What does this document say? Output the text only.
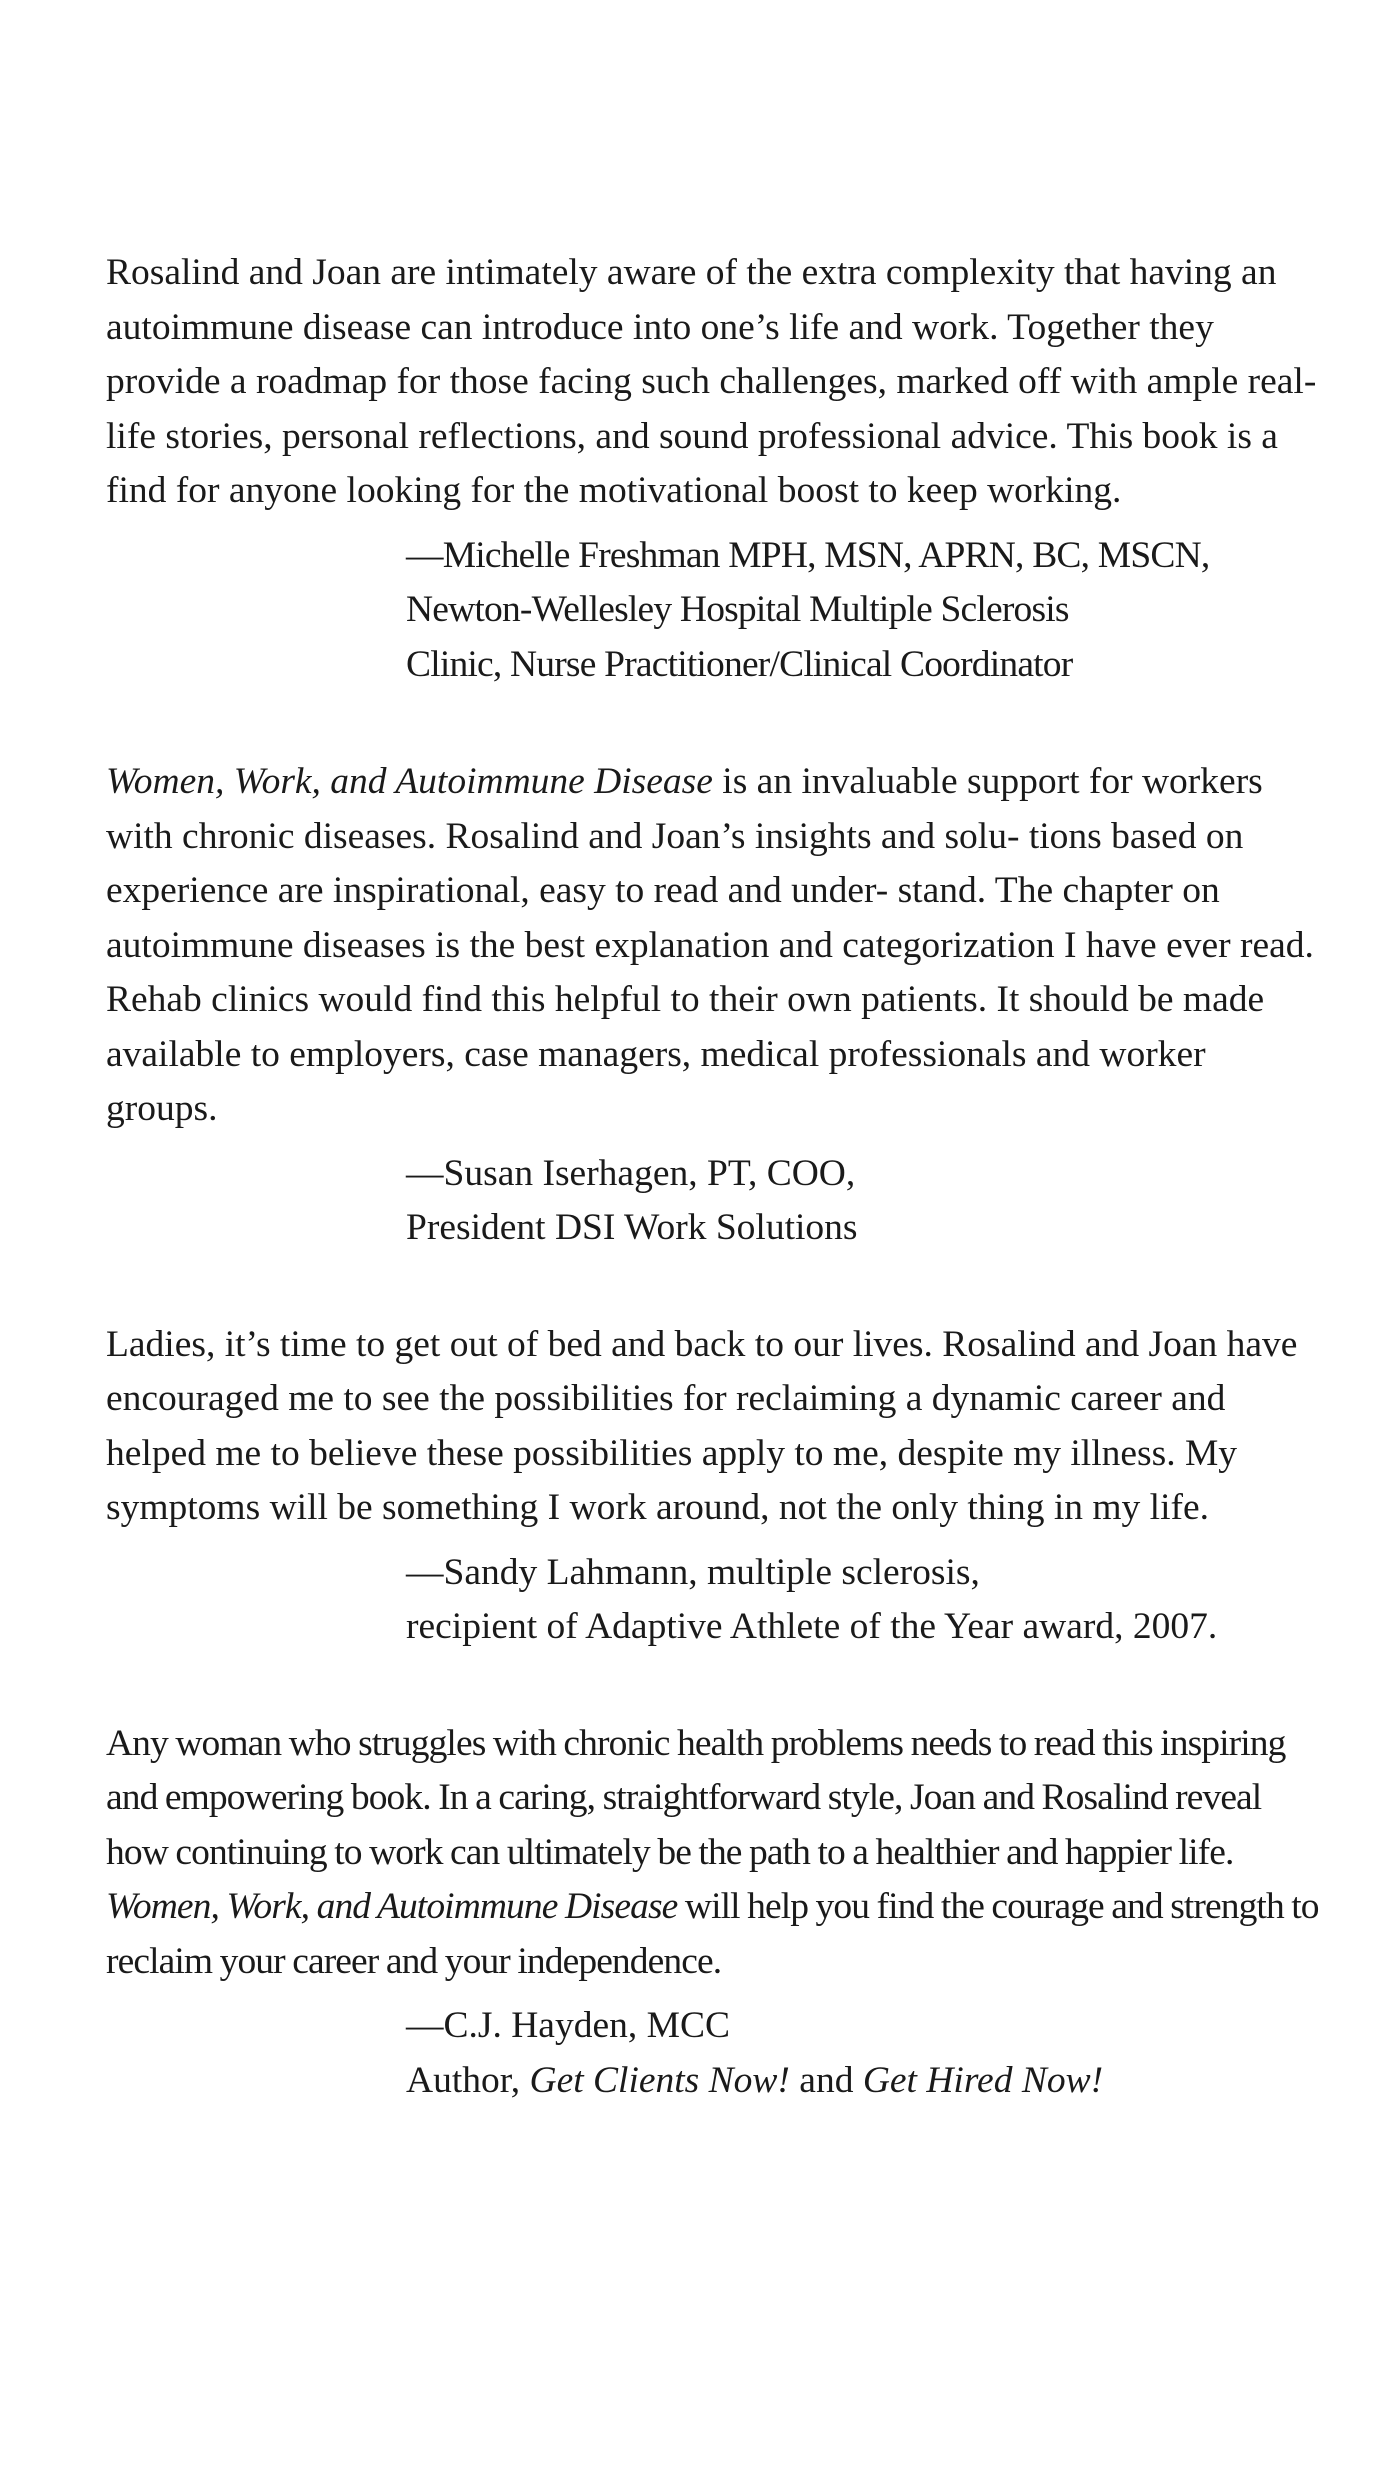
Rosalind and Joan are intimately aware of the extra complexity that having an autoimmune disease can introduce into one’s life and work. Together they provide a roadmap for those facing such challenges, marked off with ample real-life stories, personal reflections, and sound professional advice. This book is a find for anyone looking for the motivational boost to keep working.

—Michelle Freshman MPH, MSN, APRN, BC, MSCN,
Newton-Wellesley Hospital Multiple Sclerosis
Clinic, Nurse Practitioner/Clinical Coordinator

Women, Work, and Autoimmune Disease is an invaluable support for workers with chronic diseases. Rosalind and Joan’s insights and solu- tions based on experience are inspirational, easy to read and under- stand. The chapter on autoimmune diseases is the best explanation and categorization I have ever read. Rehab clinics would find this helpful to their own patients. It should be made available to employers, case managers, medical professionals and worker groups.

—Susan Iserhagen, PT, COO,
President DSI Work Solutions

Ladies, it’s time to get out of bed and back to our lives. Rosalind and Joan have encouraged me to see the possibilities for reclaiming a dynamic career and helped me to believe these possibilities apply to me, despite my illness. My symptoms will be something I work around, not the only thing in my life.

—Sandy Lahmann, multiple sclerosis,
recipient of Adaptive Athlete of the Year award, 2007.

Any woman who struggles with chronic health problems needs to read this inspiring and empowering book. In a caring, straightforward style, Joan and Rosalind reveal how continuing to work can ultimately be the path to a healthier and happier life. Women, Work, and Autoimmune Disease will help you find the courage and strength to reclaim your career and your independence.

—C.J. Hayden, MCC
Author, Get Clients Now! and Get Hired Now!
